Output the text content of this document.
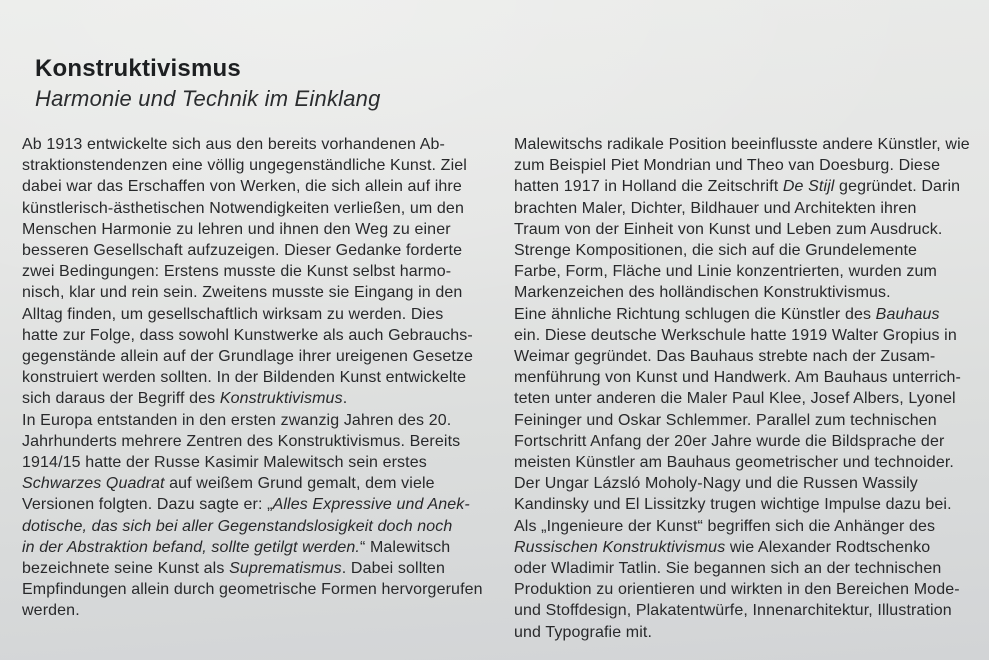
Konstruktivismus
Harmonie und Technik im Einklang
Ab 1913 entwickelte sich aus den bereits vorhandenen Ab-
straktionstendenzen eine völlig ungegenständliche Kunst. Ziel
dabei war das Erschaffen von Werken, die sich allein auf ihre
künstlerisch-ästhetischen Notwendigkeiten verließen, um den
Menschen Harmonie zu lehren und ihnen den Weg zu einer
besseren Gesellschaft aufzuzeigen. Dieser Gedanke forderte
zwei Bedingungen: Erstens musste die Kunst selbst harmo-
nisch, klar und rein sein. Zweitens musste sie Eingang in den
Alltag finden, um gesellschaftlich wirksam zu werden. Dies
hatte zur Folge, dass sowohl Kunstwerke als auch Gebrauchs-
gegenstände allein auf der Grundlage ihrer ureigenen Gesetze
konstruiert werden sollten. In der Bildenden Kunst entwickelte
sich daraus der Begriff des Konstruktivismus.
In Europa entstanden in den ersten zwanzig Jahren des 20.
Jahrhunderts mehrere Zentren des Konstruktivismus. Bereits
1914/15 hatte der Russe Kasimir Malewitsch sein erstes
Schwarzes Quadrat auf weißem Grund gemalt, dem viele
Versionen folgten. Dazu sagte er: „Alles Expressive und Anek-
dotische, das sich bei aller Gegenstandslosigkeit doch noch
in der Abstraktion befand, sollte getilgt werden.“ Malewitsch
bezeichnete seine Kunst als Suprematismus. Dabei sollten
Empfindungen allein durch geometrische Formen hervorgerufen
werden.
Malewitschs radikale Position beeinflusste andere Künstler, wie
zum Beispiel Piet Mondrian und Theo van Doesburg. Diese
hatten 1917 in Holland die Zeitschrift De Stijl gegründet. Darin
brachten Maler, Dichter, Bildhauer und Architekten ihren
Traum von der Einheit von Kunst und Leben zum Ausdruck.
Strenge Kompositionen, die sich auf die Grundelemente
Farbe, Form, Fläche und Linie konzentrierten, wurden zum
Markenzeichen des holländischen Konstruktivismus.
Eine ähnliche Richtung schlugen die Künstler des Bauhaus
ein. Diese deutsche Werkschule hatte 1919 Walter Gropius in
Weimar gegründet. Das Bauhaus strebte nach der Zusam-
menführung von Kunst und Handwerk. Am Bauhaus unterrich-
teten unter anderen die Maler Paul Klee, Josef Albers, Lyonel
Feininger und Oskar Schlemmer. Parallel zum technischen
Fortschritt Anfang der 20er Jahre wurde die Bildsprache der
meisten Künstler am Bauhaus geometrischer und technoider.
Der Ungar Lázsló Moholy-Nagy und die Russen Wassily
Kandinsky und El Lissitzky trugen wichtige Impulse dazu bei.
Als „Ingenieure der Kunst“ begriffen sich die Anhänger des
Russischen Konstruktivismus wie Alexander Rodtschenko
oder Wladimir Tatlin. Sie begannen sich an der technischen
Produktion zu orientieren und wirkten in den Bereichen Mode-
und Stoffdesign, Plakatentwürfe, Innenarchitektur, Illustration
und Typografie mit.
